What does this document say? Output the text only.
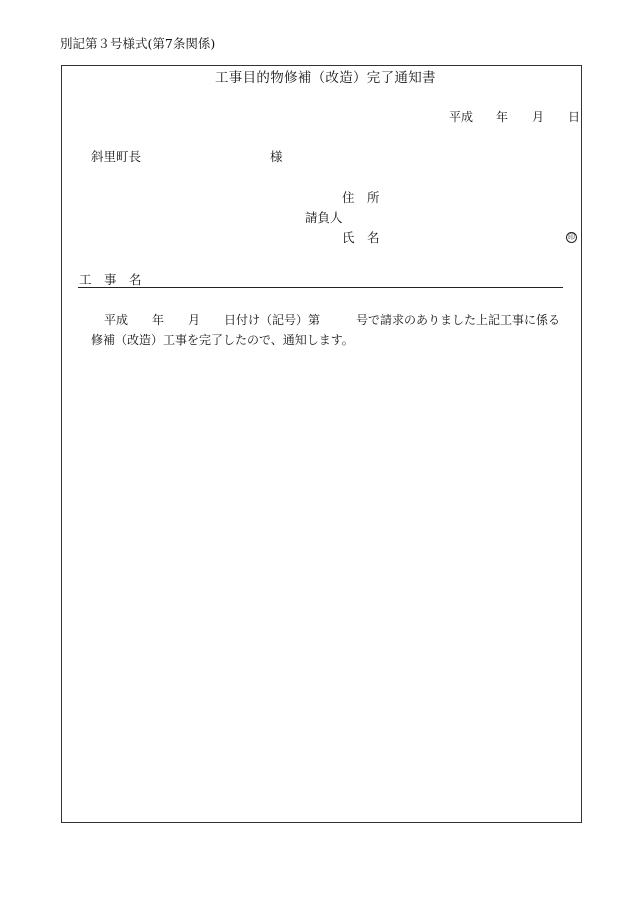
別記第３号様式(第7条関係)
工事目的物修補（改造）完了通知書
平成 年 月 日
斜里町長	様
住　所
請負人
氏　名	印
工　事　名
平成　　年　　月　　日付け（記号）第　　　号で請求のありました上記工事に係る
修補（改造）工事を完了したので、通知します。
